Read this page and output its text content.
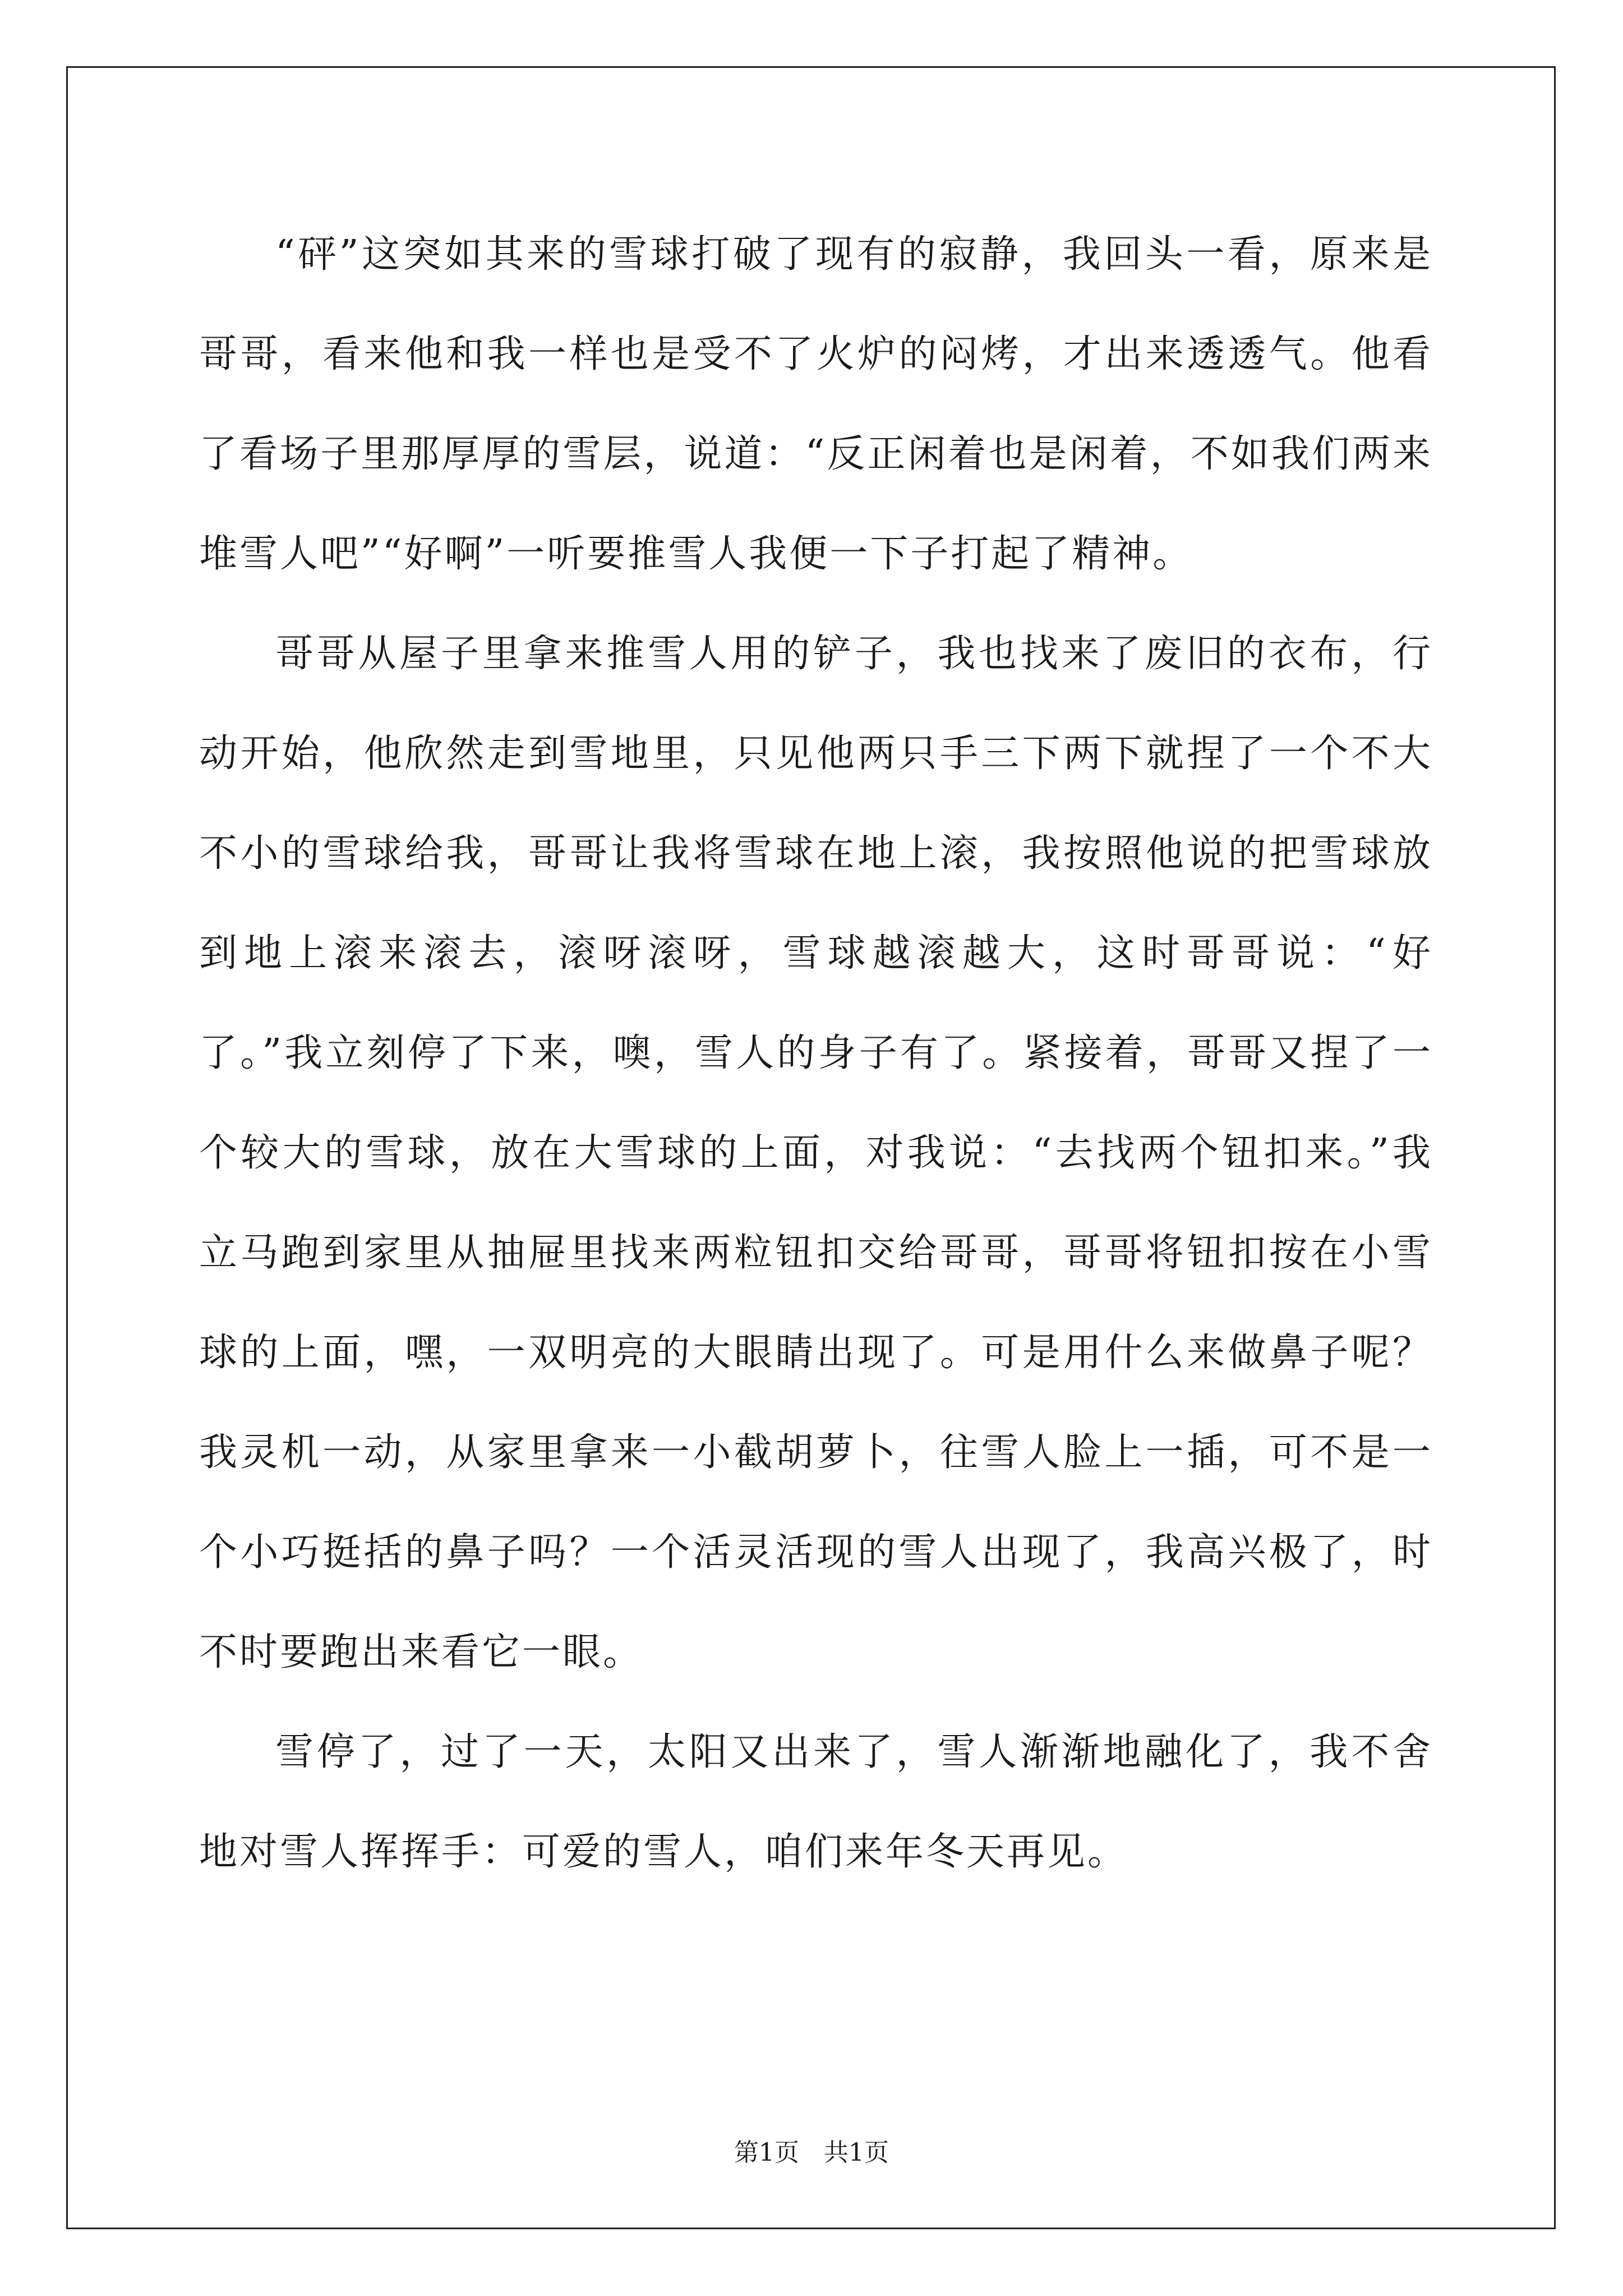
“砰”这突如其来的雪球打破了现有的寂静，我回头一看，原来是哥哥，看来他和我一样也是受不了火炉的闷烤，才出来透透气。他看了看场子里那厚厚的雪层，说道：“反正闲着也是闲着，不如我们两来堆雪人吧”“好啊”一听要推雪人我便一下子打起了精神。

哥哥从屋子里拿来推雪人用的铲子，我也找来了废旧的衣布，行动开始，他欣然走到雪地里，只见他两只手三下两下就捏了一个不大不小的雪球给我，哥哥让我将雪球在地上滚，我按照他说的把雪球放到地上滚来滚去，滚呀滚呀，雪球越滚越大，这时哥哥说：“好了。”我立刻停了下来，噢，雪人的身子有了。紧接着，哥哥又捏了一个较大的雪球，放在大雪球的上面，对我说：“去找两个钮扣来。”我立马跑到家里从抽屉里找来两粒钮扣交给哥哥，哥哥将钮扣按在小雪球的上面，嘿，一双明亮的大眼睛出现了。可是用什么来做鼻子呢？我灵机一动，从家里拿来一小截胡萝卜，往雪人脸上一插，可不是一个小巧挺括的鼻子吗？一个活灵活现的雪人出现了，我高兴极了，时不时要跑出来看它一眼。

雪停了，过了一天，太阳又出来了，雪人渐渐地融化了，我不舍地对雪人挥挥手：可爱的雪人，咱们来年冬天再见。

第1页　共1页
